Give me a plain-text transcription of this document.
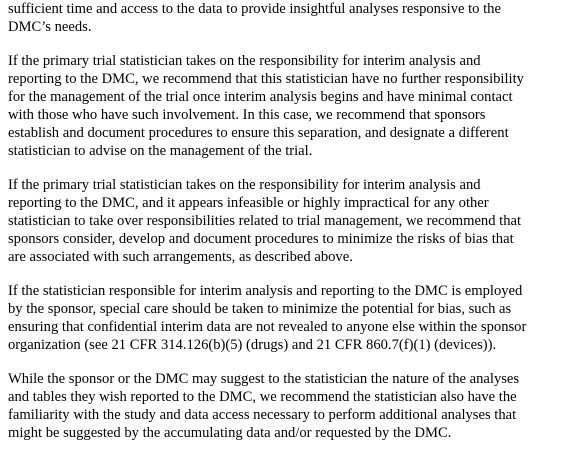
sufficient time and access to the data to provide insightful analyses responsive to the
DMC’s needs.

If the primary trial statistician takes on the responsibility for interim analysis and
reporting to the DMC, we recommend that this statistician have no further responsibility
for the management of the trial once interim analysis begins and have minimal contact
with those who have such involvement. In this case, we recommend that sponsors
establish and document procedures to ensure this separation, and designate a different
statistician to advise on the management of the trial.

If the primary trial statistician takes on the responsibility for interim analysis and
reporting to the DMC, and it appears infeasible or highly impractical for any other
statistician to take over responsibilities related to trial management, we recommend that
sponsors consider, develop and document procedures to minimize the risks of bias that
are associated with such arrangements, as described above.

If the statistician responsible for interim analysis and reporting to the DMC is employed
by the sponsor, special care should be taken to minimize the potential for bias, such as
ensuring that confidential interim data are not revealed to anyone else within the sponsor
organization (see 21 CFR 314.126(b)(5) (drugs) and 21 CFR 860.7(f)(1) (devices)).

While the sponsor or the DMC may suggest to the statistician the nature of the analyses
and tables they wish reported to the DMC, we recommend the statistician also have the
familiarity with the study and data access necessary to perform additional analyses that
might be suggested by the accumulating data and/or requested by the DMC.
